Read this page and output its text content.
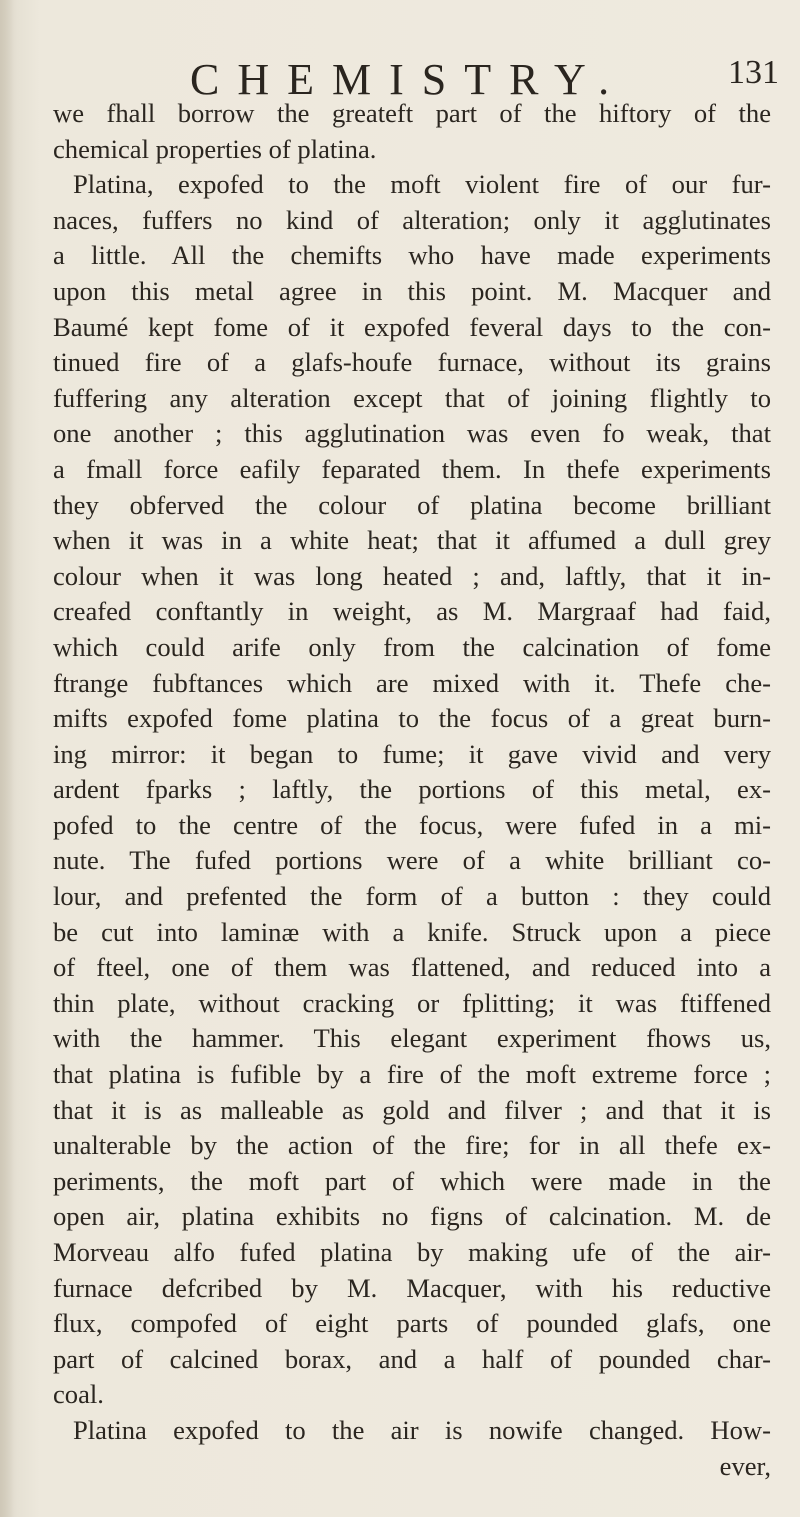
CHEMISTRY.	131
we fhall borrow the greateft part of the hiftory of the
chemical properties of platina.
Platina, expofed to the moft violent fire of our fur-
naces, fuffers no kind of alteration; only it agglutinates
a little. All the chemifts who have made experiments
upon this metal agree in this point. M. Macquer and
Baumé kept fome of it expofed feveral days to the con-
tinued fire of a glafs-houfe furnace, without its grains
fuffering any alteration except that of joining flightly to
one another ; this agglutination was even fo weak, that
a fmall force eafily feparated them. In thefe experiments
they obferved the colour of platina become brilliant
when it was in a white heat; that it affumed a dull grey
colour when it was long heated ; and, laftly, that it in-
creafed conftantly in weight, as M. Margraaf had faid,
which could arife only from the calcination of fome
ftrange fubftances which are mixed with it. Thefe che-
mifts expofed fome platina to the focus of a great burn-
ing mirror: it began to fume; it gave vivid and very
ardent fparks ; laftly, the portions of this metal, ex-
pofed to the centre of the focus, were fufed in a mi-
nute. The fufed portions were of a white brilliant co-
lour, and prefented the form of a button : they could
be cut into laminæ with a knife. Struck upon a piece
of fteel, one of them was flattened, and reduced into a
thin plate, without cracking or fplitting; it was ftiffened
with the hammer. This elegant experiment fhows us,
that platina is fufible by a fire of the moft extreme force ;
that it is as malleable as gold and filver ; and that it is
unalterable by the action of the fire; for in all thefe ex-
periments, the moft part of which were made in the
open air, platina exhibits no figns of calcination. M. de
Morveau alfo fufed platina by making ufe of the air-
furnace defcribed by M. Macquer, with his reductive
flux, compofed of eight parts of pounded glafs, one
part of calcined borax, and a half of pounded char-
coal.
Platina expofed to the air is nowife changed. How-
ever,
